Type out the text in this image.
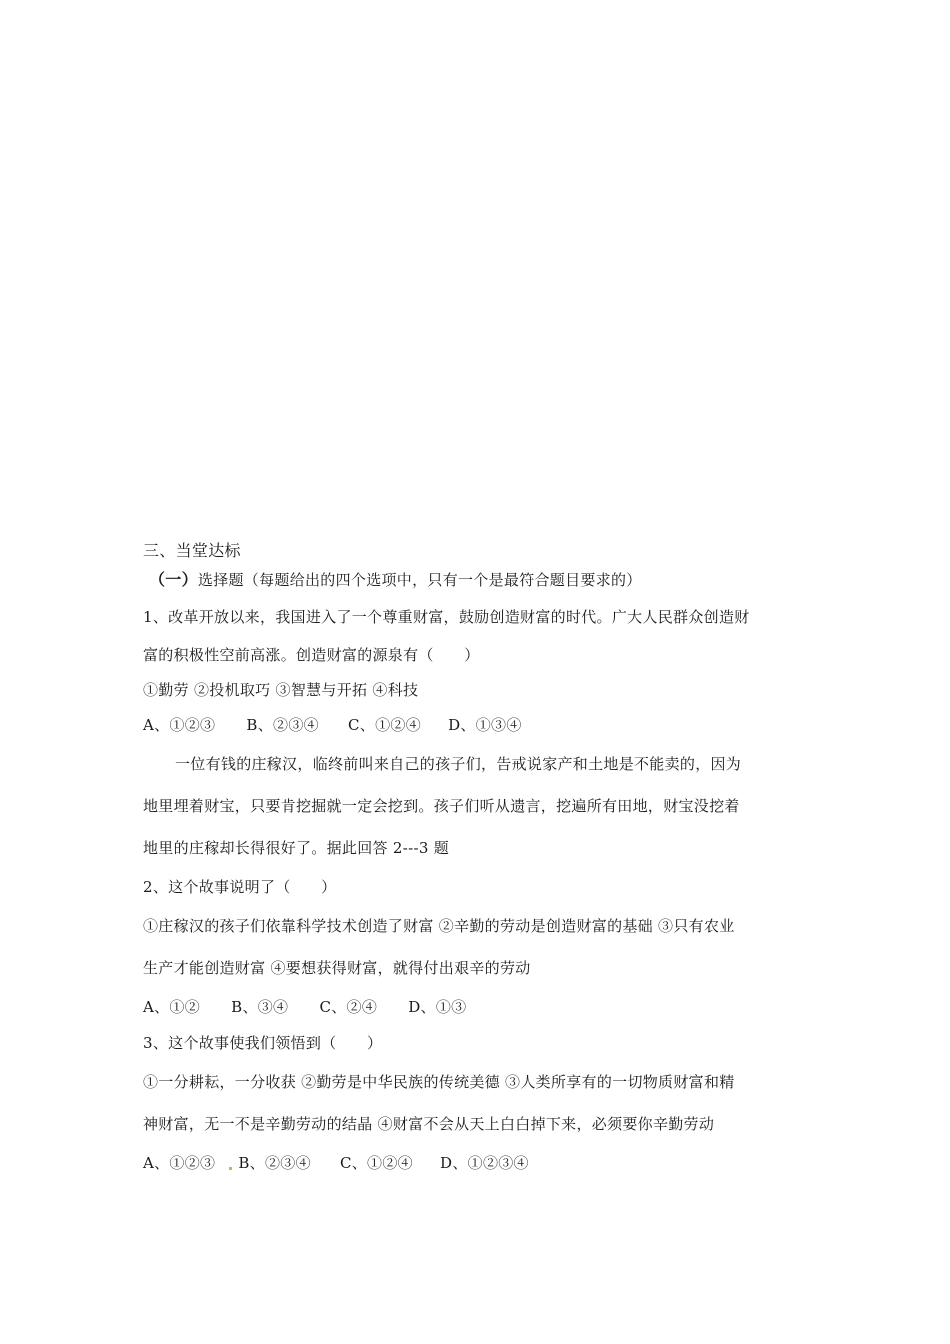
三、当堂达标
（一）选择题（每题给出的四个选项中，只有一个是最符合题目要求的）
1、改革开放以来，我国进入了一个尊重财富，鼓励创造财富的时代。广大人民群众创造财
富的积极性空前高涨。创造财富的源泉有（　　）
①勤劳 ②投机取巧 ③智慧与开拓 ④科技
A、①②③ B、②③④ C、①②④ D、①③④
一位有钱的庄稼汉，临终前叫来自己的孩子们，告戒说家产和土地是不能卖的，因为
地里埋着财宝，只要肯挖掘就一定会挖到。孩子们听从遗言，挖遍所有田地，财宝没挖着
地里的庄稼却长得很好了。据此回答 2---3 题
2、这个故事说明了（　　）
①庄稼汉的孩子们依靠科学技术创造了财富 ②辛勤的劳动是创造财富的基础 ③只有农业
生产才能创造财富 ④要想获得财富，就得付出艰辛的劳动
A、①② B、③④ C、②④ D、①③
3、这个故事使我们领悟到（　　）
①一分耕耘，一分收获 ②勤劳是中华民族的传统美德 ③人类所享有的一切物质财富和精
神财富，无一不是辛勤劳动的结晶 ④财富不会从天上白白掉下来，必须要你辛勤劳动
A、①②③ B、②③④ C、①②④ D、①②③④
